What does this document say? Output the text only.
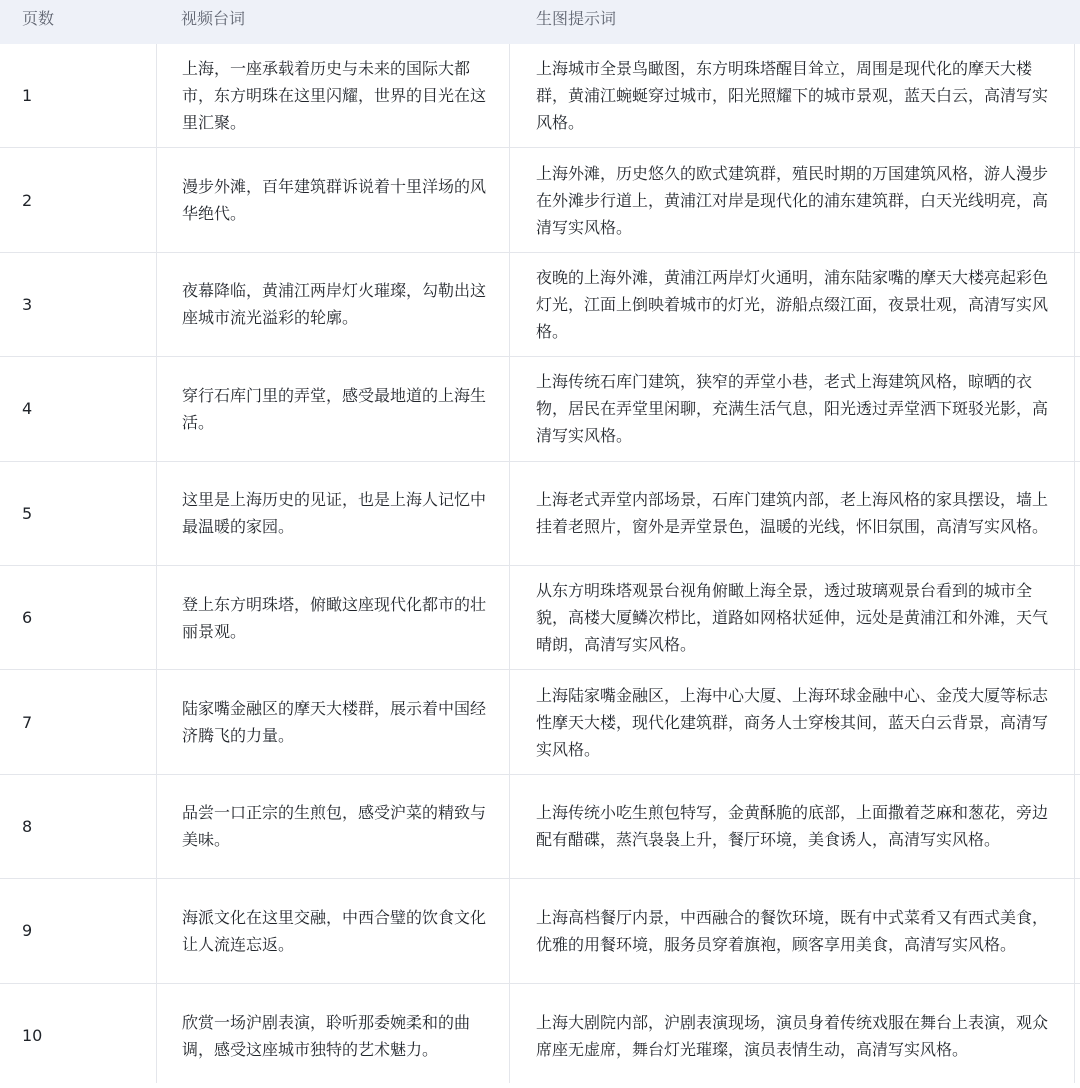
页数	视频台词	生图提示词
1
上海，一座承载着历史与未来的国际大都市，东方明珠在这里闪耀，世界的目光在这里汇聚。
上海城市全景鸟瞰图，东方明珠塔醒目耸立，周围是现代化的摩天大楼群，黄浦江蜿蜒穿过城市，阳光照耀下的城市景观，蓝天白云，高清写实风格。
2
漫步外滩，百年建筑群诉说着十里洋场的风华绝代。
上海外滩，历史悠久的欧式建筑群，殖民时期的万国建筑风格，游人漫步在外滩步行道上，黄浦江对岸是现代化的浦东建筑群，白天光线明亮，高清写实风格。
3
夜幕降临，黄浦江两岸灯火璀璨，勾勒出这座城市流光溢彩的轮廓。
夜晚的上海外滩，黄浦江两岸灯火通明，浦东陆家嘴的摩天大楼亮起彩色灯光，江面上倒映着城市的灯光，游船点缀江面，夜景壮观，高清写实风格。
4
穿行石库门里的弄堂，感受最地道的上海生活。
上海传统石库门建筑，狭窄的弄堂小巷，老式上海建筑风格，晾晒的衣物，居民在弄堂里闲聊，充满生活气息，阳光透过弄堂洒下斑驳光影，高清写实风格。
5
这里是上海历史的见证，也是上海人记忆中最温暖的家园。
上海老式弄堂内部场景，石库门建筑内部，老上海风格的家具摆设，墙上挂着老照片，窗外是弄堂景色，温暖的光线，怀旧氛围，高清写实风格。
6
登上东方明珠塔，俯瞰这座现代化都市的壮丽景观。
从东方明珠塔观景台视角俯瞰上海全景，透过玻璃观景台看到的城市全貌，高楼大厦鳞次栉比，道路如网格状延伸，远处是黄浦江和外滩，天气晴朗，高清写实风格。
7
陆家嘴金融区的摩天大楼群，展示着中国经济腾飞的力量。
上海陆家嘴金融区，上海中心大厦、上海环球金融中心、金茂大厦等标志性摩天大楼，现代化建筑群，商务人士穿梭其间，蓝天白云背景，高清写实风格。
8
品尝一口正宗的生煎包，感受沪菜的精致与美味。
上海传统小吃生煎包特写，金黄酥脆的底部，上面撒着芝麻和葱花，旁边配有醋碟，蒸汽袅袅上升，餐厅环境，美食诱人，高清写实风格。
9
海派文化在这里交融，中西合璧的饮食文化让人流连忘返。
上海高档餐厅内景，中西融合的餐饮环境，既有中式菜肴又有西式美食，优雅的用餐环境，服务员穿着旗袍，顾客享用美食，高清写实风格。
10
欣赏一场沪剧表演，聆听那委婉柔和的曲调，感受这座城市独特的艺术魅力。
上海大剧院内部，沪剧表演现场，演员身着传统戏服在舞台上表演，观众席座无虚席，舞台灯光璀璨，演员表情生动，高清写实风格。
